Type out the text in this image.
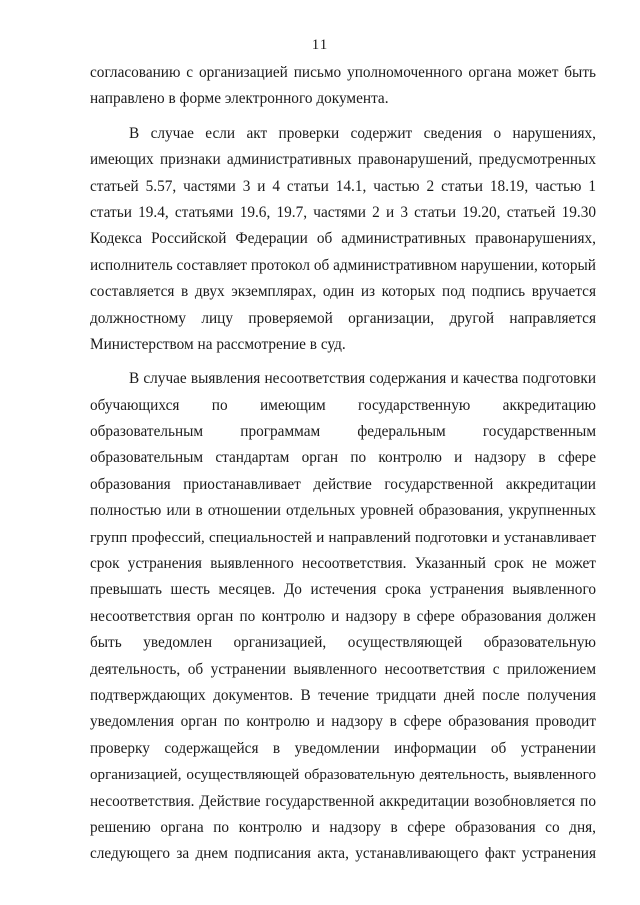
11
согласованию с организацией письмо уполномоченного органа может быть
направлено в форме электронного документа.
В случае если акт проверки содержит сведения о нарушениях,
имеющих признаки административных правонарушений, предусмотренных
статьей 5.57, частями 3 и 4 статьи 14.1, частью 2 статьи 18.19, частью 1
статьи 19.4, статьями 19.6, 19.7, частями 2 и 3 статьи 19.20, статьей 19.30
Кодекса Российской Федерации об административных правонарушениях,
исполнитель составляет протокол об административном нарушении, который
составляется в двух экземплярах, один из которых под подпись вручается
должностному лицу проверяемой организации, другой направляется
Министерством на рассмотрение в суд.
В случае выявления несоответствия содержания и качества подготовки
обучающихся по имеющим государственную аккредитацию
образовательным программам федеральным государственным
образовательным стандартам орган по контролю и надзору в сфере
образования приостанавливает действие государственной аккредитации
полностью или в отношении отдельных уровней образования, укрупненных
групп профессий, специальностей и направлений подготовки и устанавливает
срок устранения выявленного несоответствия. Указанный срок не может
превышать шесть месяцев. До истечения срока устранения выявленного
несоответствия орган по контролю и надзору в сфере образования должен
быть уведомлен организацией, осуществляющей образовательную
деятельность, об устранении выявленного несоответствия с приложением
подтверждающих документов. В течение тридцати дней после получения
уведомления орган по контролю и надзору в сфере образования проводит
проверку содержащейся в уведомлении информации об устранении
организацией, осуществляющей образовательную деятельность, выявленного
несоответствия. Действие государственной аккредитации возобновляется по
решению органа по контролю и надзору в сфере образования со дня,
следующего за днем подписания акта, устанавливающего факт устранения
